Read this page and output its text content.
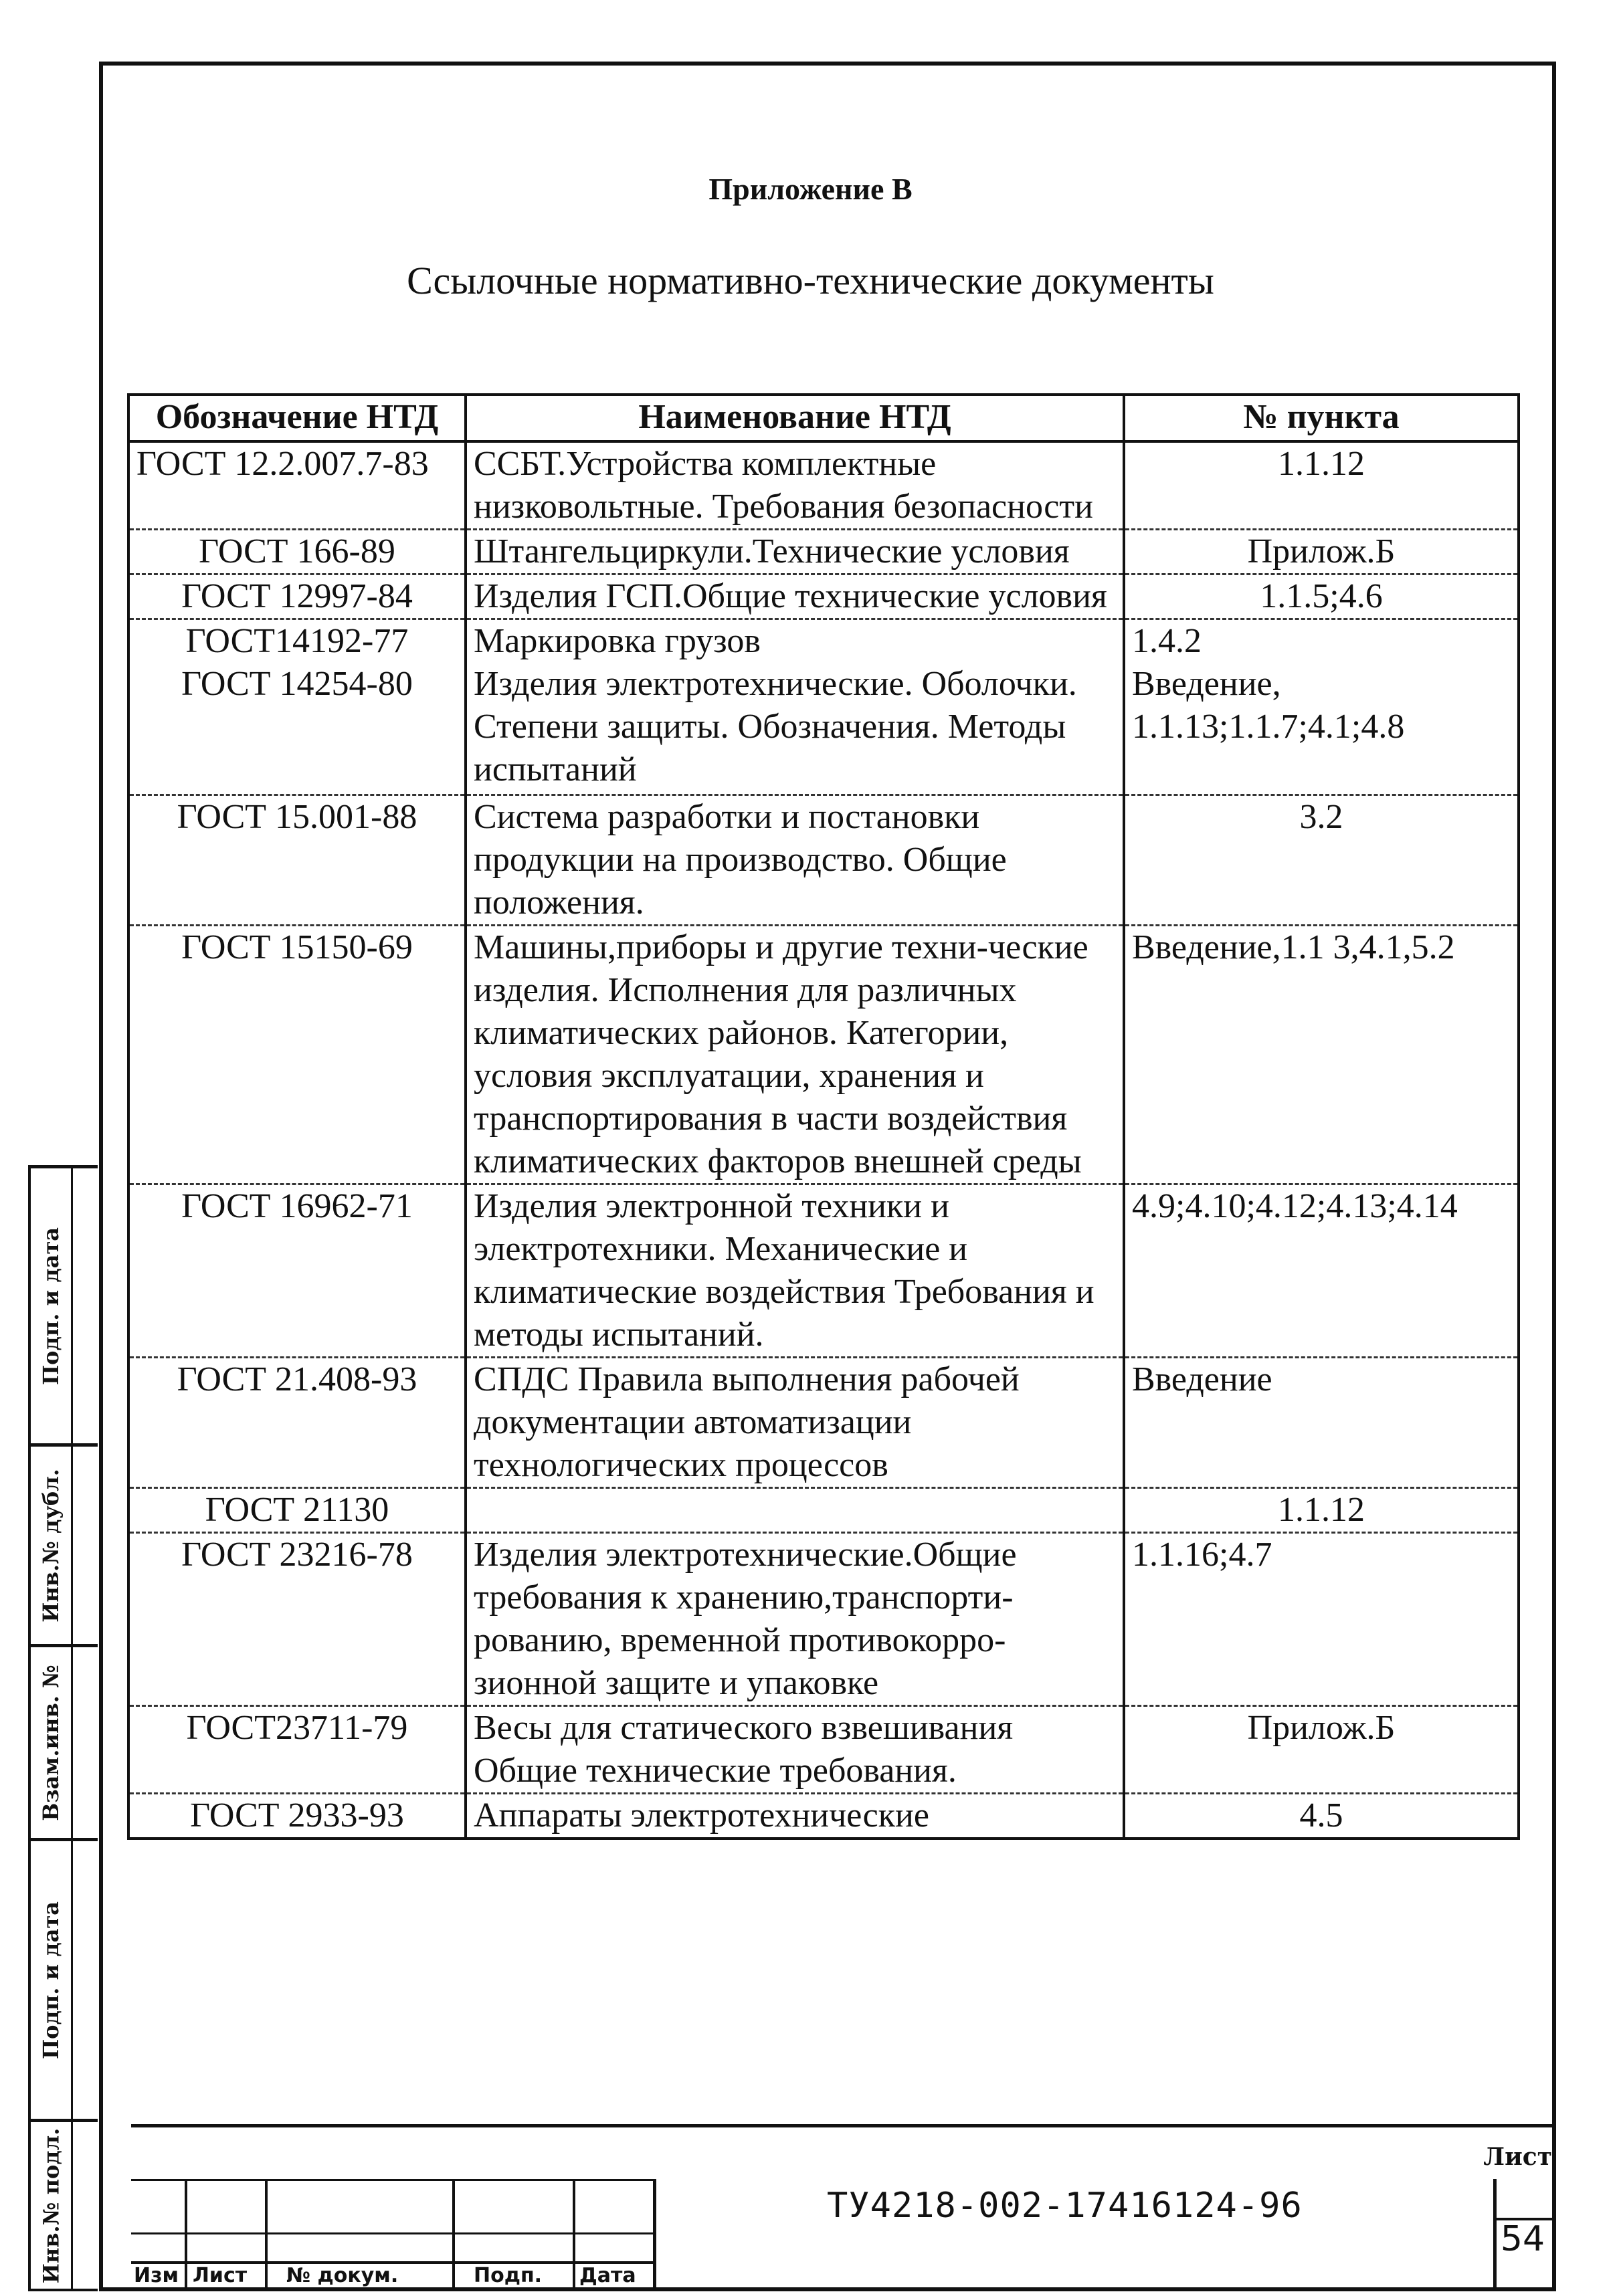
Приложение В
Ссылочные нормативно-технические документы
Обозначение НТД	Наименование НТД	№ пункта
ГОСТ 12.2.007.7-83	ССБТ.Устройства комплектные низковольтные. Требования безопасности	1.1.12
ГОСТ 166-89	Штангельциркули.Технические условия	Прилож.Б
ГОСТ 12997-84	Изделия ГСП.Общие технические условия	1.1.5;4.6
ГОСТ14192-77	Маркировка грузов	1.4.2
ГОСТ 14254-80	Изделия электротехнические. Оболочки. Степени защиты. Обозначения. Методы испытаний	Введение, 1.1.13;1.1.7;4.1;4.8
ГОСТ 15.001-88	Система разработки и постановки продукции на производство. Общие положения.	3.2
ГОСТ 15150-69	Машины,приборы и другие техни-ческие изделия. Исполнения для различных климатических районов. Категории, условия эксплуатации, хранения и транспортирования в части воздействия климатических факторов внешней среды	Введение,1.1 3,4.1,5.2
ГОСТ 16962-71	Изделия электронной техники и электротехники. Механические и климатические воздействия Требования и методы испытаний.	4.9;4.10;4.12;4.13;4.14
ГОСТ 21.408-93	СПДС Правила выполнения рабочей документации автоматизации технологических процессов	Введение
ГОСТ 21130		1.1.12
ГОСТ 23216-78	Изделия электротехнические.Общие требования к хранению,транспорти-рованию, временной противокорро-зионной защите и упаковке	1.1.16;4.7
ГОСТ23711-79	Весы для статического взвешивания Общие технические требования.	Прилож.Б
ГОСТ 2933-93	Аппараты электротехнические	4.5
Подп. и дата
Инв.№ дубл.
Взам.инв. №
Подп. и дата
Инв.№ подл.	Изм Лист № докум.	Подп. Дата
ТУ4218-002-17416124-96
Лист
54
